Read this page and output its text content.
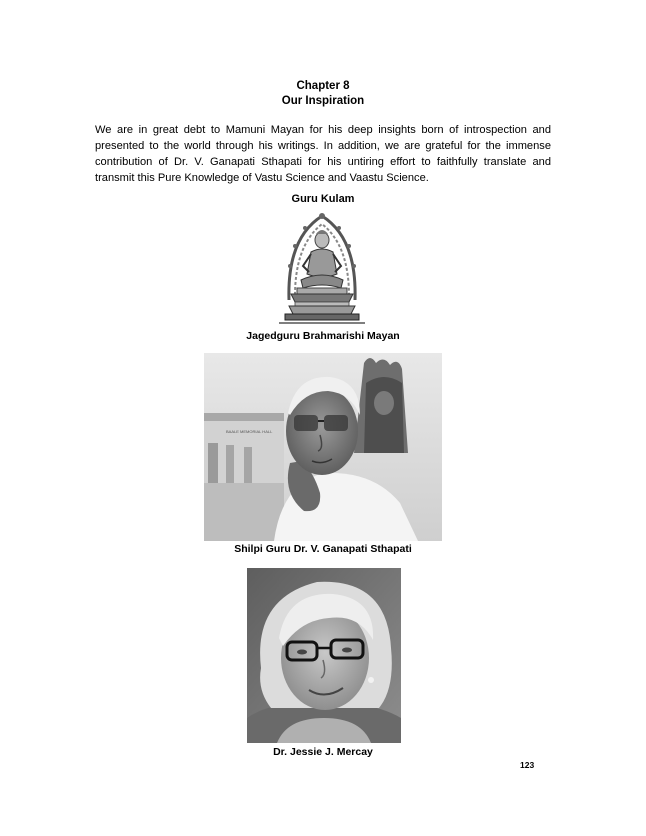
Chapter 8
Our Inspiration

We are in great debt to Mamuni Mayan for his deep insights born of introspection and presented to the world through his writings. In addition, we are grateful for the immense contribution of Dr. V. Ganapati Sthapati for his untiring effort to faithfully translate and transmit this Pure Knowledge of Vastu Science and Vaastu Science.

Guru Kulam
Jagedguru Brahmarishi Mayan
BAALE MEMORIAL HALL
Shilpi Guru Dr. V. Ganapati Sthapati
Dr. Jessie J. Mercay
123
